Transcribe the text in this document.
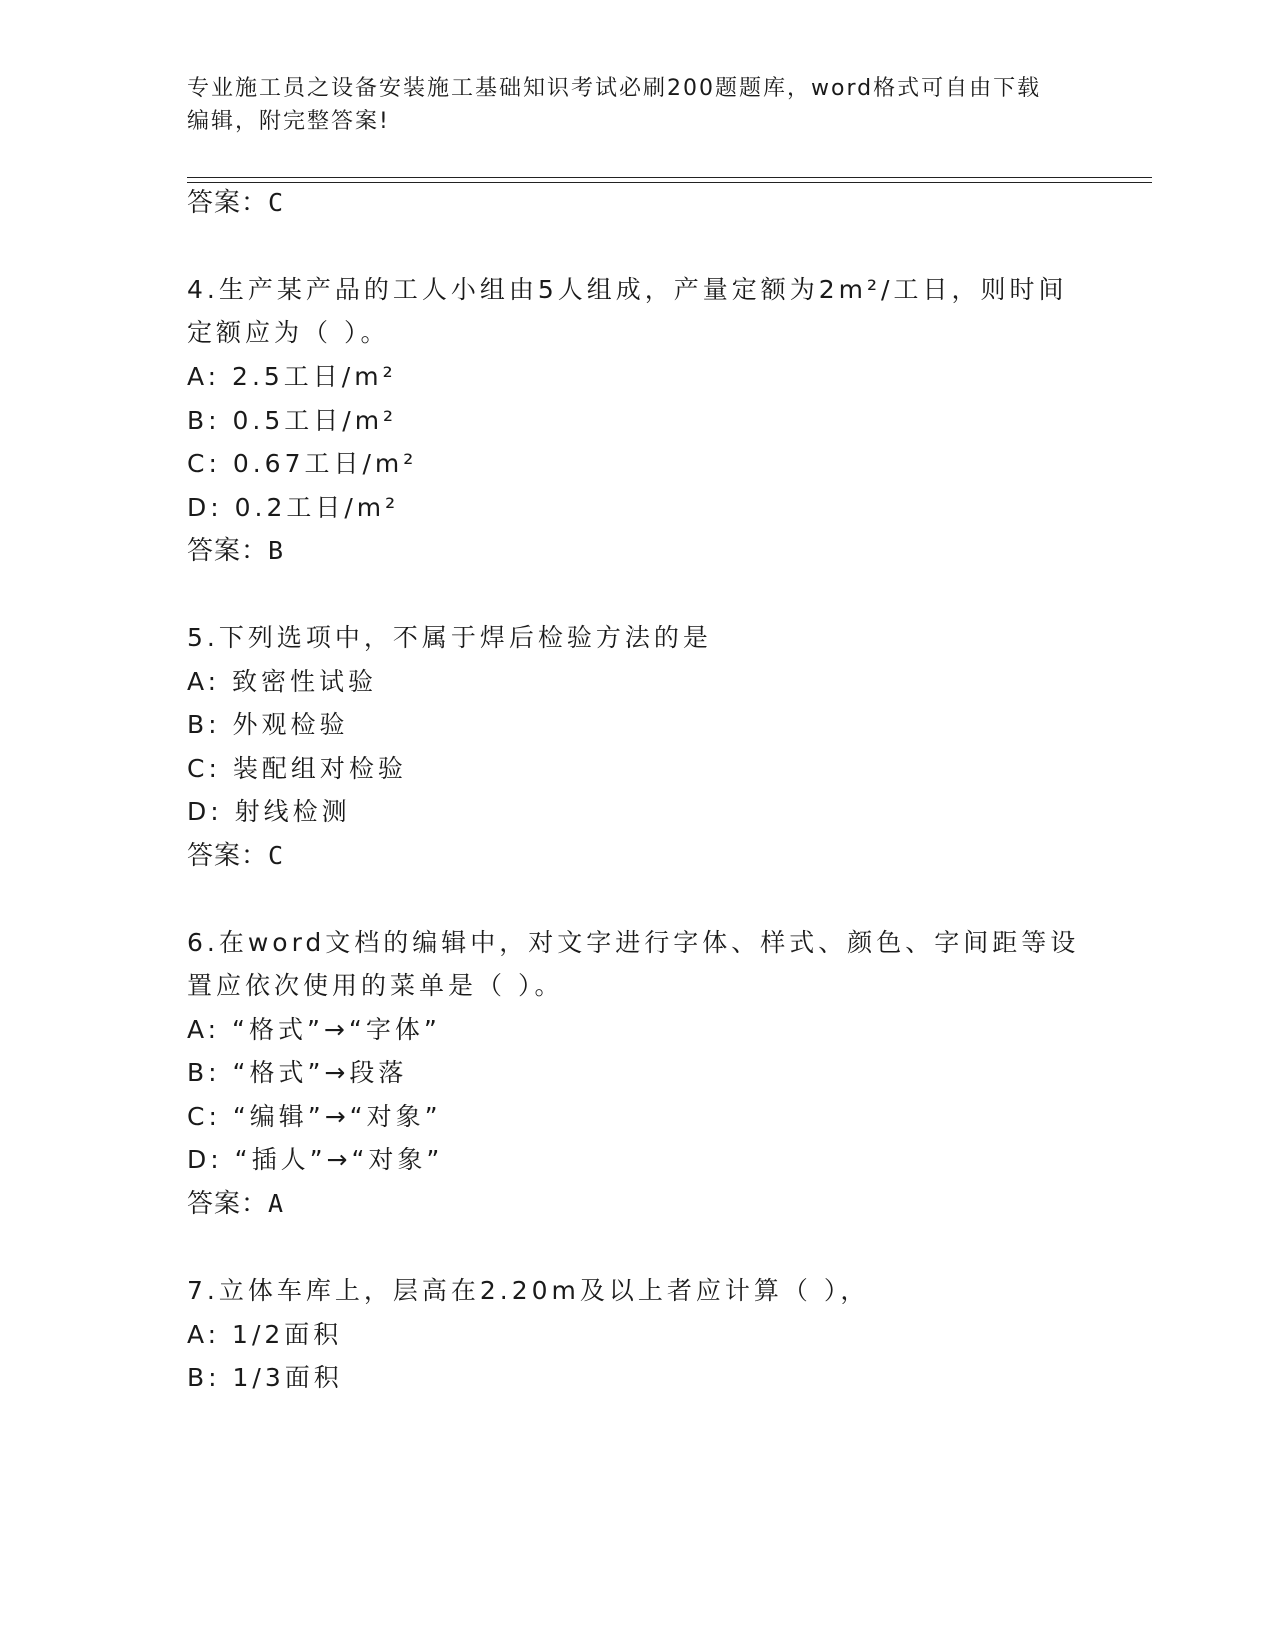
专业施工员之设备安装施工基础知识考试必刷200题题库，word格式可自由下载
编辑，附完整答案!
答案：C
4.生产某产品的工人小组由5人组成，产量定额为2m²/工日，则时间
定额应为（ ）。
A: 2.5工日/m²
B: 0.5工日/m²
C: 0.67工日/m²
D: 0.2工日/m²
答案：B
5.下列选项中，不属于焊后检验方法的是
A: 致密性试验
B: 外观检验
C: 装配组对检验
D: 射线检测
答案：C
6.在word文档的编辑中，对文字进行字体、样式、颜色、字间距等设
置应依次使用的菜单是（ ）。
A: “格式”→“字体”
B: “格式”→段落
C: “编辑”→“对象”
D: “插人”→“对象”
答案：A
7.立体车库上，层高在2.20m及以上者应计算（ ），
A: 1/2面积
B: 1/3面积
